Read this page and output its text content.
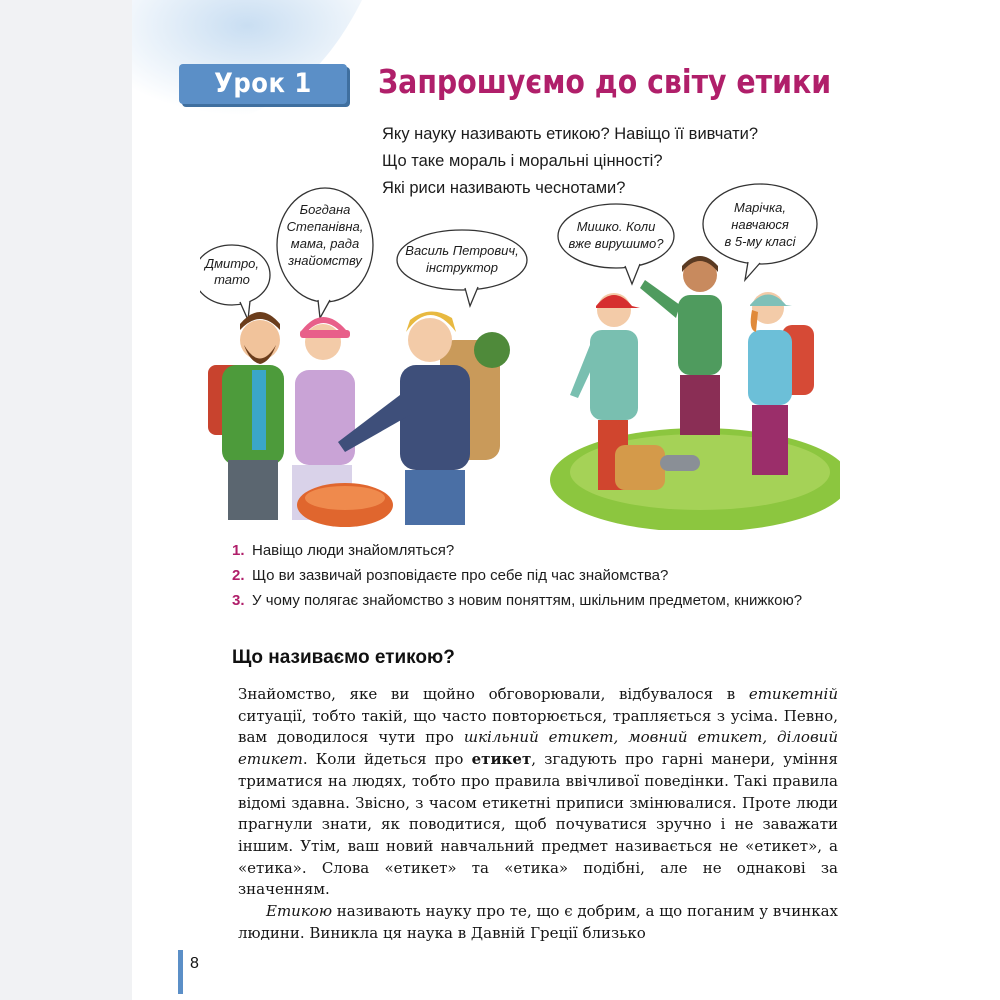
Урок 1	Запрошуємо до світу етики
Яку науку називають етикою? Навіщо її вивчати?
Що таке мораль і моральні цінності?
Які риси називають чеснотами?
Дмитро, тато
Богдана Степанівна, мама, рада знайомству
Василь Петрович, інструктор
Мишко. Коли вже вирушимо?
Марічка, навчаюся в 5-му класі
1. Навіщо люди знайомляться?
2. Що ви зазвичай розповідаєте про себе під час знайомства?
3. У чому полягає знайомство з новим поняттям, шкільним предметом, книжкою?
Що називаємо етикою?

Знайомство, яке ви щойно обговорювали, відбувалося в етикетній ситуації, тобто такій, що часто повторюється, трапляється з усіма. Певно, вам доводилося чути про шкільний етикет, мовний етикет, діловий етикет. Коли йдеться про етикет, згадують про гарні манери, уміння триматися на людях, тобто про правила ввічливої поведінки. Такі правила відомі здавна. Звісно, з часом етикетні приписи змінювалися. Проте люди прагнули знати, як поводитися, щоб почуватися зручно і не заважати іншим. Утім, ваш новий навчальний предмет називається не «етикет», а «етика». Слова «етикет» та «етика» подібні, але не однакові за значенням.

Етикою називають науку про те, що є добрим, а що поганим у вчинках людини. Виникла ця наука в Давній Греції близько

8
